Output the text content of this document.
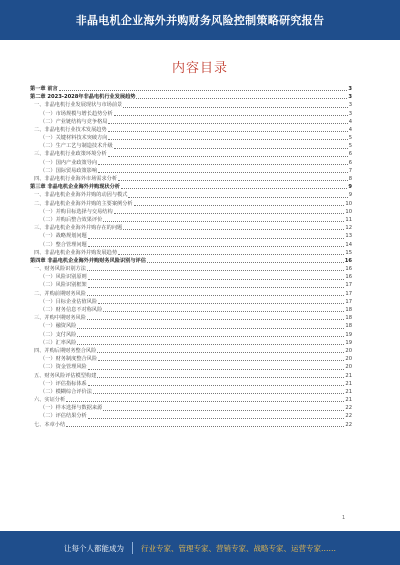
非晶电机企业海外并购财务风险控制策略研究报告
内容目录
第一章 前言	3
第二章 2023-2028年非晶电机行业发展趋势	3
一、非晶电机行业发展现状与市场前景	3
（一）市场规模与增长趋势分析	3
（二）产业链结构与竞争格局	4
二、非晶电机行业技术发展趋势	4
（一）关键材料技术突破方向	5
（二）生产工艺与制造技术升级	5
三、非晶电机行业政策环境分析	6
（一）国内产业政策导向	6
（二）国际贸易政策影响	7
四、非晶电机行业海外市场需求分析	8
第三章 非晶电机企业海外并购现状分析	9
一、非晶电机企业海外并购的动因与模式	9
二、非晶电机企业海外并购的主要案例分析	10
（一）并购目标选择与交易结构	10
（二）并购后整合效果评价	11
三、非晶电机企业海外并购存在的问题	12
（一）战略规划问题	13
（二）整合管理问题	14
四、非晶电机企业海外并购发展趋势	15
第四章 非晶电机企业海外并购财务风险识别与评估	16
一、财务风险识别方法	16
（一）风险识别原则	16
（二）风险识别框架	17
二、并购前期财务风险	17
（一）目标企业估值风险	17
（二）财务信息不对称风险	18
三、并购中期财务风险	18
（一）融资风险	18
（二）支付风险	19
（三）汇率风险	19
四、并购后期财务整合风险	20
（一）财务制度整合风险	20
（二）资金管理风险	20
五、财务风险评估模型构建	21
（一）评估指标体系	21
（二）模糊综合评价法	21
六、实证分析	21
（一）样本选择与数据来源	22
（二）评估结果分析	22
七、本章小结	22
1
让每个人都能成为 行业专家、管理专家、营销专家、战略专家、运营专家……
